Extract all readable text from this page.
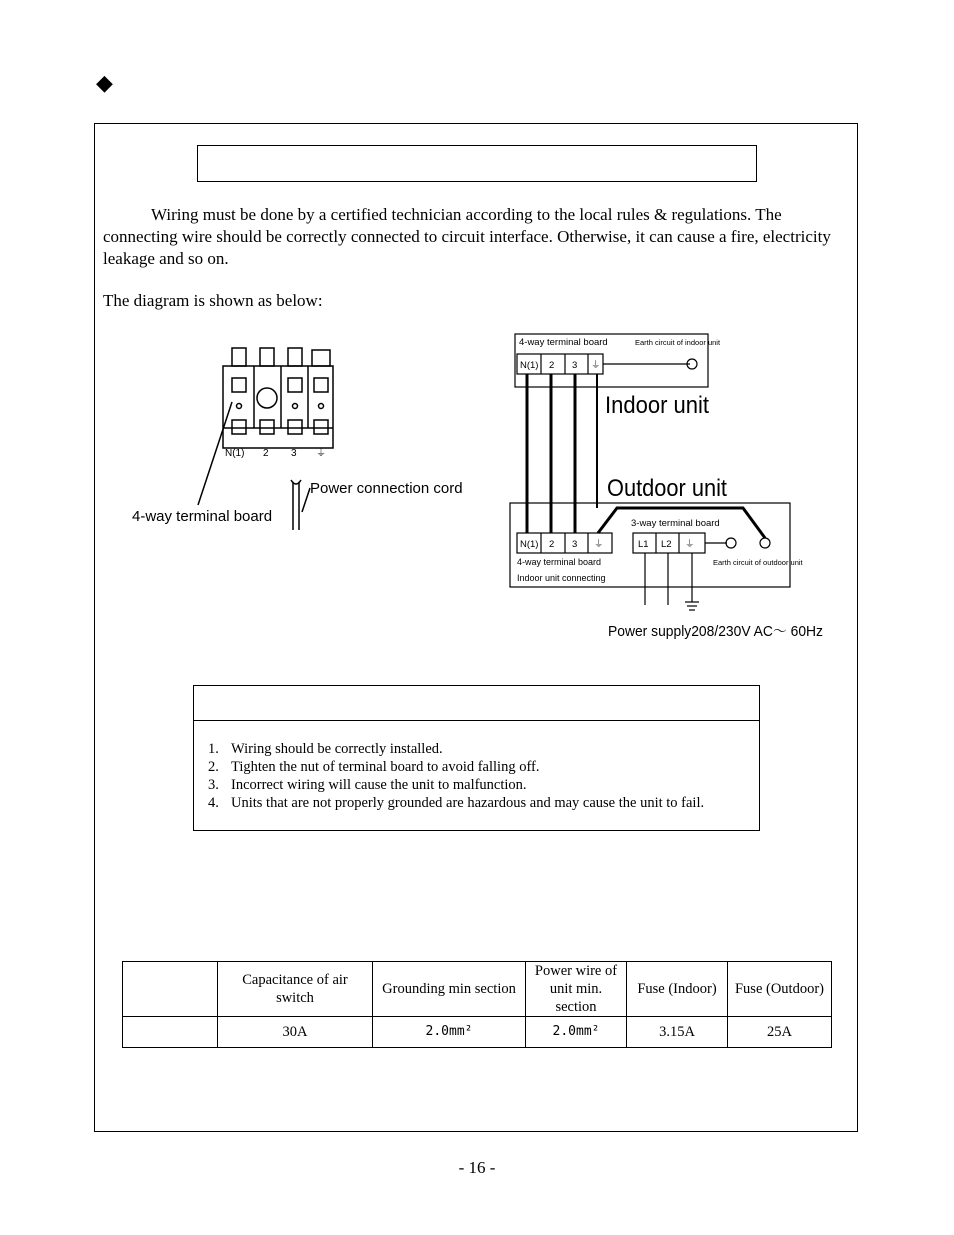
◆
Wiring must be done by a certified technician according to the local rules & regulations. The connecting wire should be correctly connected to circuit interface. Otherwise, it can cause a fire, electricity leakage and so on.
The diagram is shown as below:
N(1) 2 3 ⏚
4-way terminal board
Power connection cord
4-way terminal board	Earth circuit of indoor unit
N(1) 2 3 ⏚
3-way terminal board
N(1) 2 3 ⏚	L1 L2 ⏚
4-way terminal board
Indoor unit connecting
Earth circuit of outdoor unit
Indoor unit
Outdoor unit
Power supply208/230V AC～ 60Hz
1. Wiring should be correctly installed.
2. Tighten the nut of terminal board to avoid falling off.
3. Incorrect wiring will cause the unit to malfunction.
4. Units that are not properly grounded are hazardous and may cause the unit to fail.
	Capacitance of air switch	Grounding min section	Power wire of unit min. section	Fuse (Indoor)	Fuse (Outdoor)
	30A	2.0mm²	2.0mm²	3.15A	25A
- 16 -
